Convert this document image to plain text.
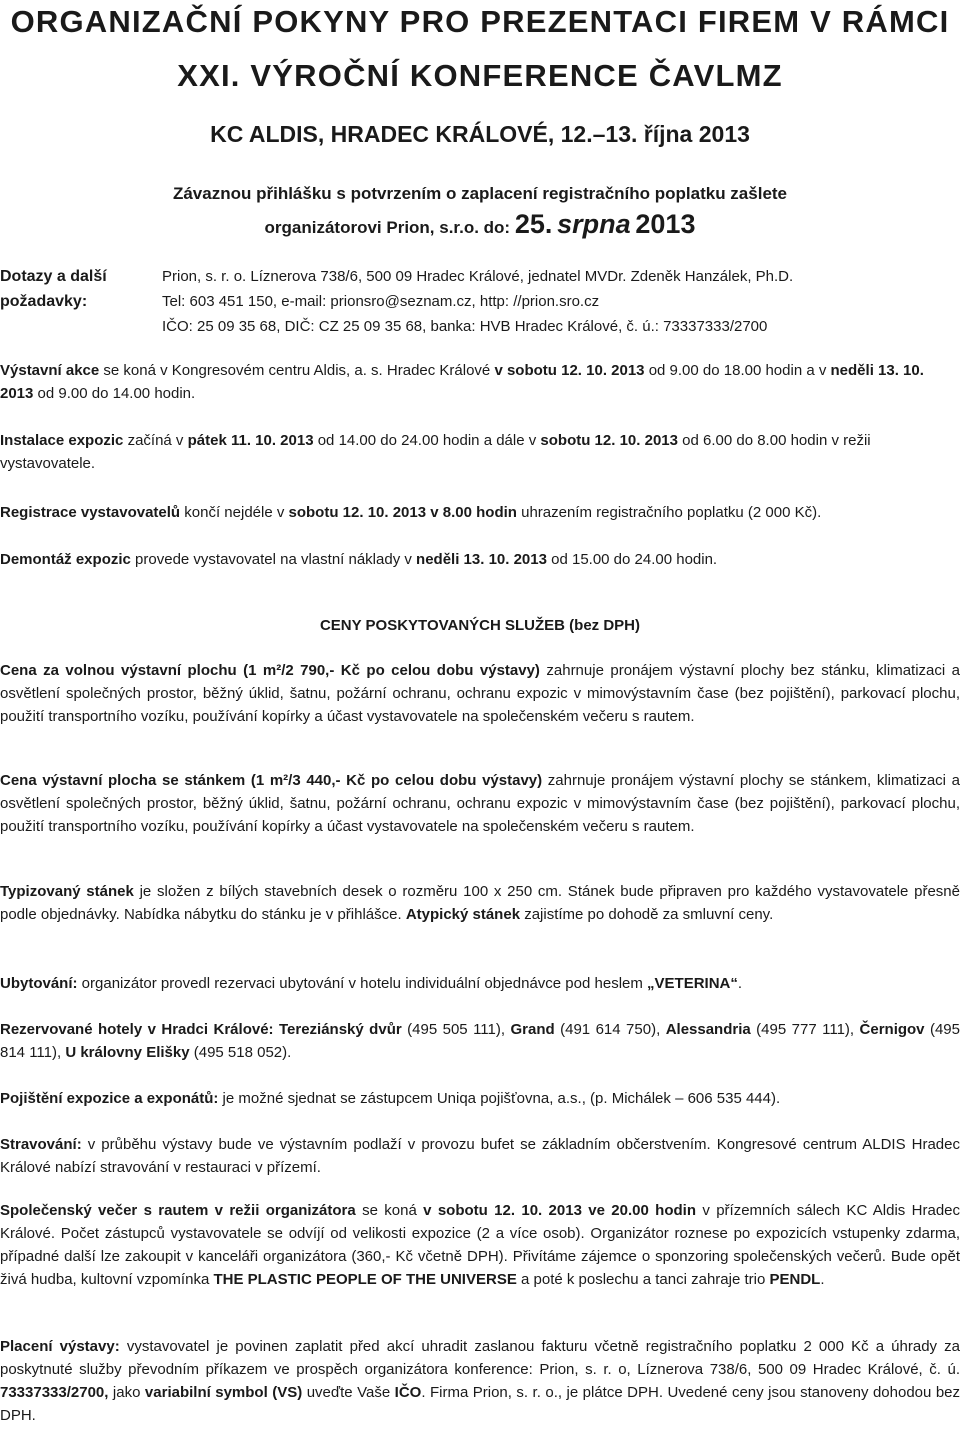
ORGANIZAČNÍ POKYNY PRO PREZENTACI FIREM V RÁMCI
XXI. VÝROČNÍ KONFERENCE ČAVLMZ
KC ALDIS, HRADEC KRÁLOVÉ, 12.–13. října 2013
Závaznou přihlášku s potvrzením o zaplacení registračního poplatku zašlete
organizátorovi Prion, s.r.o. do: 25. srpna 2013
Dotazy a další
požadavky:
Prion, s. r. o. Líznerova 738/6, 500 09 Hradec Králové, jednatel MVDr. Zdeněk Hanzálek, Ph.D.
Tel: 603 451 150, e-mail: prionsro@seznam.cz, http: //prion.sro.cz
IČO: 25 09 35 68, DIČ: CZ 25 09 35 68, banka: HVB Hradec Králové, č. ú.: 73337333/2700

Výstavní akce se koná v Kongresovém centru Aldis, a. s. Hradec Králové v sobotu 12. 10. 2013 od 9.00 do 18.00 hodin a v neděli 13. 10. 2013 od 9.00 do 14.00 hodin.

Instalace expozic začíná v pátek 11. 10. 2013 od 14.00 do 24.00 hodin a dále v sobotu 12. 10. 2013 od 6.00 do 8.00 hodin v režii vystavovatele.

Registrace vystavovatelů končí nejdéle v sobotu 12. 10. 2013 v 8.00 hodin uhrazením registračního poplatku (2 000 Kč).

Demontáž expozic provede vystavovatel na vlastní náklady v neděli 13. 10. 2013 od 15.00 do 24.00 hodin.

CENY POSKYTOVANÝCH SLUŽEB (bez DPH)

Cena za volnou výstavní plochu (1 m²/2 790,- Kč po celou dobu výstavy) zahrnuje pronájem výstavní plochy bez stánku, klimatizaci a osvětlení společných prostor, běžný úklid, šatnu, požární ochranu, ochranu expozic v mimovýstavním čase (bez pojištění), parkovací plochu, použití transportního vozíku, používání kopírky a účast vystavovatele na společenském večeru s rautem.

Cena výstavní plocha se stánkem (1 m²/3 440,- Kč po celou dobu výstavy) zahrnuje pronájem výstavní plochy se stánkem, klimatizaci a osvětlení společných prostor, běžný úklid, šatnu, požární ochranu, ochranu expozic v mimovýstavním čase (bez pojištění), parkovací plochu, použití transportního vozíku, používání kopírky a účast vystavovatele na společenském večeru s rautem.

Typizovaný stánek je složen z bílých stavebních desek o rozměru 100 x 250 cm. Stánek bude připraven pro každého vystavovatele přesně podle objednávky. Nabídka nábytku do stánku je v přihlášce. Atypický stánek zajistíme po dohodě za smluvní ceny.

Ubytování: organizátor provedl rezervaci ubytování v hotelu individuální objednávce pod heslem „VETERINA“.

Rezervované hotely v Hradci Králové: Tereziánský dvůr (495 505 111), Grand (491 614 750), Alessandria (495 777 111), Černigov (495 814 111), U královny Elišky (495 518 052).

Pojištění expozice a exponátů: je možné sjednat se zástupcem Uniqa pojišťovna, a.s., (p. Michálek – 606 535 444).

Stravování: v průběhu výstavy bude ve výstavním podlaží v provozu bufet se základním občerstvením. Kongresové centrum ALDIS Hradec Králové nabízí stravování v restauraci v přízemí.

Společenský večer s rautem v režii organizátora se koná v sobotu 12. 10. 2013 ve 20.00 hodin v přízemních sálech KC Aldis Hradec Králové. Počet zástupců vystavovatele se odvíjí od velikosti expozice (2 a více osob). Organizátor roznese po expozicích vstupenky zdarma, případné další lze zakoupit v kanceláři organizátora (360,- Kč včetně DPH). Přivítáme zájemce o sponzoring společenských večerů. Bude opět živá hudba, kultovní vzpomínka THE PLASTIC PEOPLE OF THE UNIVERSE a poté k poslechu a tanci zahraje trio PENDL.

Placení výstavy: vystavovatel je povinen zaplatit před akcí uhradit zaslanou fakturu včetně registračního poplatku 2 000 Kč a úhrady za poskytnuté služby převodním příkazem ve prospěch organizátora konference: Prion, s. r. o, Líznerova 738/6, 500 09 Hradec Králové, č. ú. 73337333/2700, jako variabilní symbol (VS) uveďte Vaše IČO. Firma Prion, s. r. o., je plátce DPH. Uvedené ceny jsou stanoveny dohodou bez DPH.
